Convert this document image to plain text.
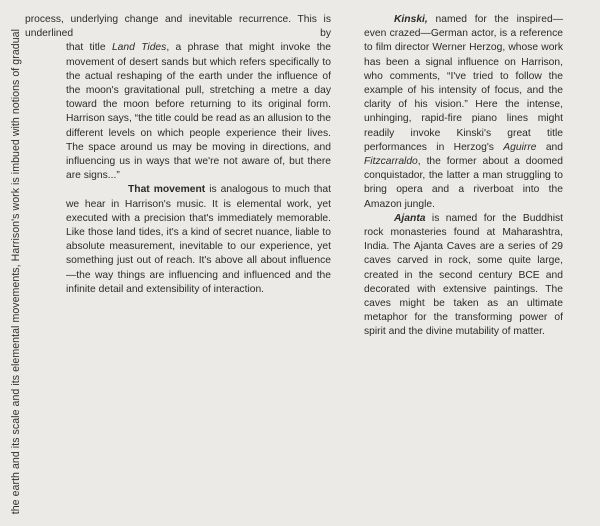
the earth and its scale and its elemental movements, Harrison's work is imbued with notions of gradual

process, underlying change and inevitable recurrence. This is underlined by

that title Land Tides, a phrase that might invoke the movement of desert sands but which refers specifically to the actual reshaping of the earth under the influence of the moon's gravitational pull, stretching a metre a day toward the moon before returning to its original form. Harrison says, “the title could be read as an allusion to the different levels on which people experience their lives. The space around us may be moving in directions, and influencing us in ways that we're not aware of, but there are signs...”

That movement is analogous to much that we hear in Harrison's music. It is elemental work, yet executed with a precision that's immediately memorable. Like those land tides, it's a kind of secret nuance, liable to absolute measurement, inevitable to our experience, yet something just out of reach. It's above all about influence—the way things are influencing and influenced and the infinite detail and extensibility of interaction.

Kinski, named for the inspired—even crazed—German actor, is a reference to film director Werner Herzog, whose work has been a signal influence on Harrison, who comments, “I've tried to follow the example of his intensity of focus, and the clarity of his vision.” Here the intense, unhinging, rapid-fire piano lines might readily invoke Kinski's great title performances in Herzog's Aguirre and Fitzcarraldo, the former about a doomed conquistador, the latter a man struggling to bring opera and a riverboat into the Amazon jungle.

Ajanta is named for the Buddhist rock monasteries found at Maharashtra, India. The Ajanta Caves are a series of 29 caves carved in rock, some quite large, created in the second century BCE and decorated with extensive paintings. The caves might be taken as an ultimate metaphor for the transforming power of spirit and the divine mutability of matter.
